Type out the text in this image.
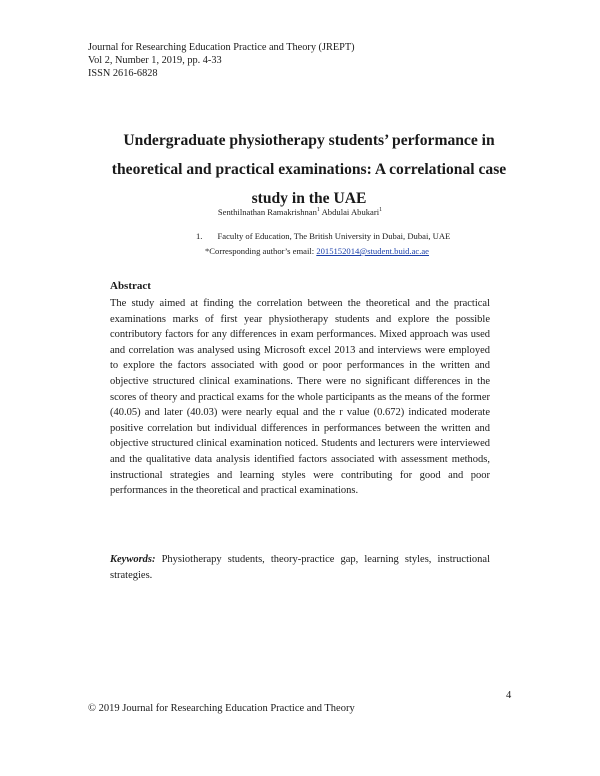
Journal for Researching Education Practice and Theory (JREPT)
Vol 2, Number 1, 2019, pp. 4-33
ISSN 2616-6828
Undergraduate physiotherapy students’ performance in theoretical and practical examinations: A correlational case study in the UAE
Senthilnathan Ramakrishnan$^1$ Abdulai Abukari$^1$
1. Faculty of Education, The British University in Dubai, Dubai, UAE
*Corresponding author’s email: 2015152014@student.buid.ac.ae
Abstract
The study aimed at finding the correlation between the theoretical and the practical examinations marks of first year physiotherapy students and explore the possible contributory factors for any differences in exam performances. Mixed approach was used and correlation was analysed using Microsoft excel 2013 and interviews were employed to explore the factors associated with good or poor performances in the written and objective structured clinical examinations. There were no significant differences in the scores of theory and practical exams for the whole participants as the means of the former (40.05) and later (40.03) were nearly equal and the r value (0.672) indicated moderate positive correlation but individual differences in performances between the written and objective structured clinical examination noticed. Students and lecturers were interviewed and the qualitative data analysis identified factors associated with assessment methods, instructional strategies and learning styles were contributing for good and poor performances in the theoretical and practical examinations.
Keywords: Physiotherapy students, theory-practice gap, learning styles, instructional strategies.
4
© 2019 Journal for Researching Education Practice and Theory
